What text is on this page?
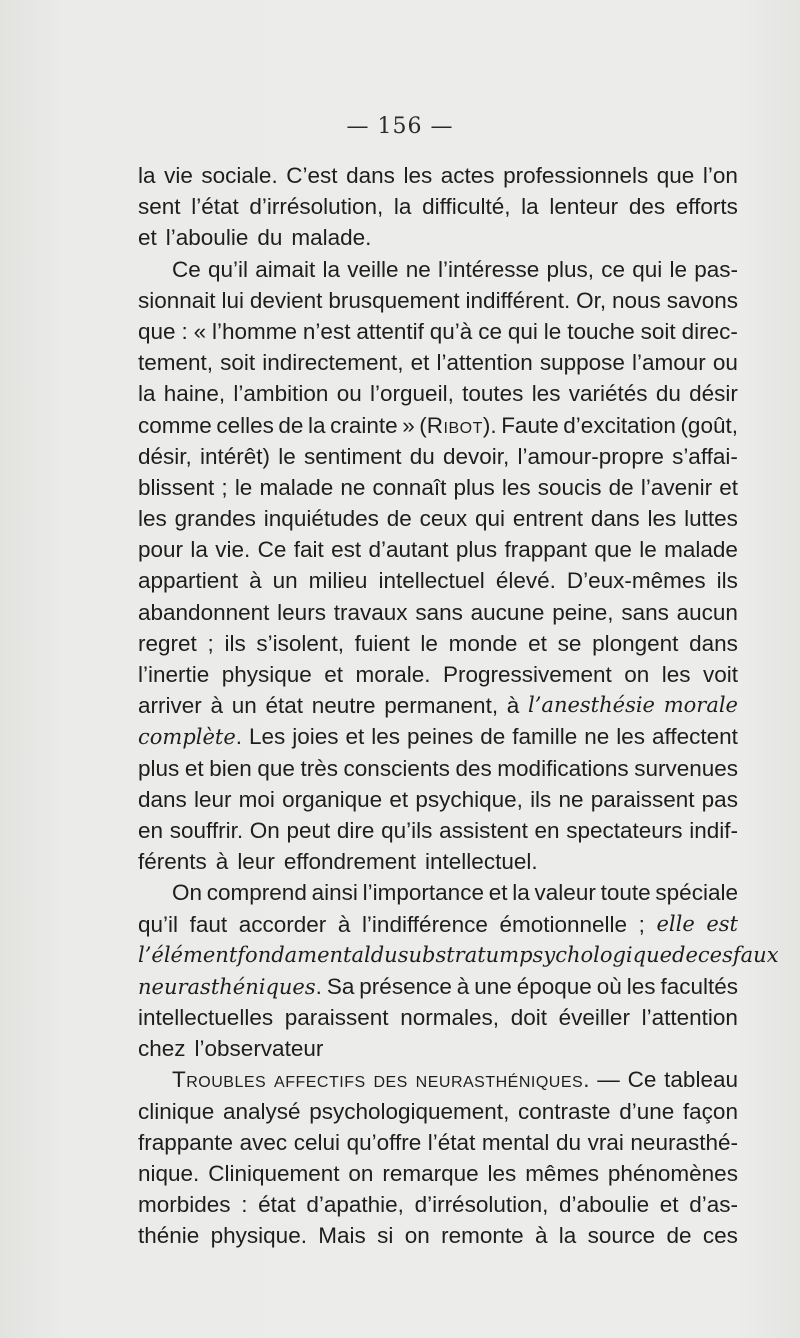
— 156 —
la vie sociale. C’est dans les actes professionnels que l’on
sent l’état d’irrésolution, la difficulté, la lenteur des efforts
et l’aboulie du malade.
Ce qu’il aimait la veille ne l’intéresse plus, ce qui le pas-
sionnait lui devient brusquement indifférent. Or, nous savons
que : « l’homme n’est attentif qu’à ce qui le touche soit direc-
tement, soit indirectement, et l’attention suppose l’amour ou
la haine, l’ambition ou l’orgueil, toutes les variétés du désir
comme celles de la crainte » (Ribot). Faute d’excitation (goût,
désir, intérêt) le sentiment du devoir, l’amour-propre s’affai-
blissent ; le malade ne connaît plus les soucis de l’avenir et
les grandes inquiétudes de ceux qui entrent dans les luttes
pour la vie. Ce fait est d’autant plus frappant que le malade
appartient à un milieu intellectuel élevé. D’eux-mêmes ils
abandonnent leurs travaux sans aucune peine, sans aucun
regret ; ils s’isolent, fuient le monde et se plongent dans
l’inertie physique et morale. Progressivement on les voit
arriver à un état neutre permanent, à l’anesthésie morale
complète. Les joies et les peines de famille ne les affectent
plus et bien que très conscients des modifications survenues
dans leur moi organique et psychique, ils ne paraissent pas
en souffrir. On peut dire qu’ils assistent en spectateurs indif-
férents à leur effondrement intellectuel.
On comprend ainsi l’importance et la valeur toute spéciale
qu’il faut accorder à l’indifférence émotionnelle ; elle est
l’élément fondamental du substratum psychologique de ces faux
neurasthéniques. Sa présence à une époque où les facultés
intellectuelles paraissent normales, doit éveiller l’attention
chez l’observateur
Troubles affectifs des neurasthéniques. — Ce tableau
clinique analysé psychologiquement, contraste d’une façon
frappante avec celui qu’offre l’état mental du vrai neurasthé-
nique. Cliniquement on remarque les mêmes phénomènes
morbides : état d’apathie, d’irrésolution, d’aboulie et d’as-
thénie physique. Mais si on remonte à la source de ces
